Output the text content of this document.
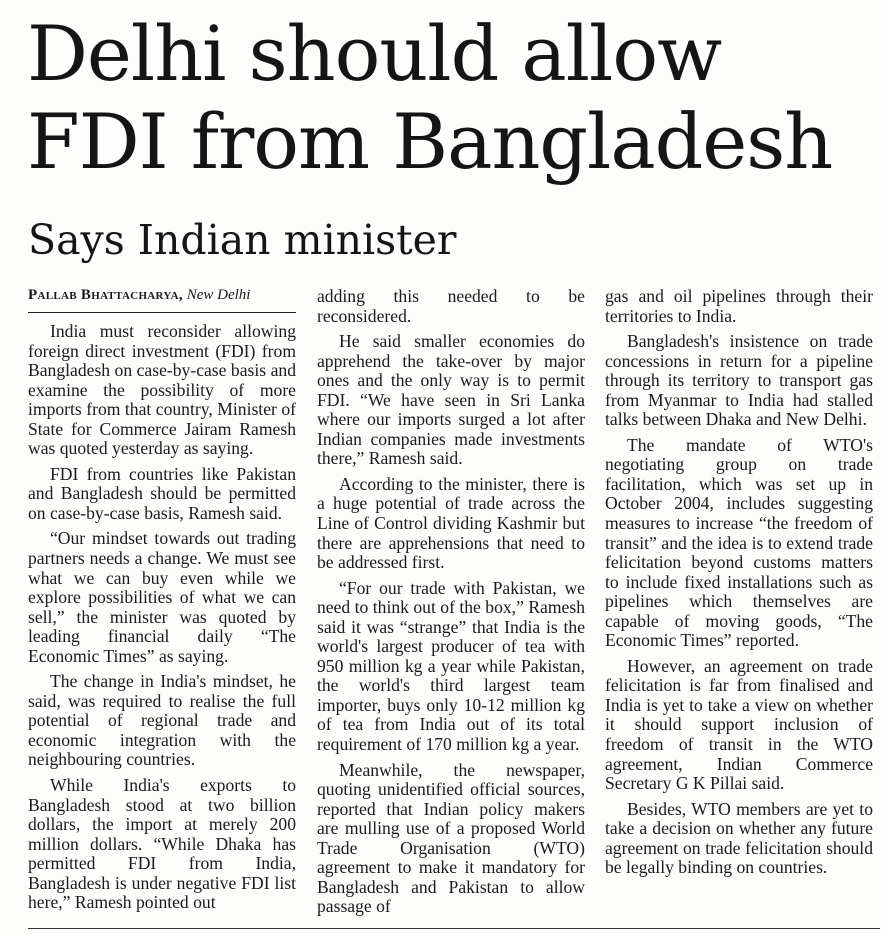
Delhi should allow FDI from Bangladesh
Says Indian minister
Pallab Bhattacharya, New Delhi

India must reconsider allowing foreign direct investment (FDI) from Bangladesh on case-by-case basis and examine the possibility of more imports from that country, Minister of State for Commerce Jairam Ramesh was quoted yesterday as saying.

FDI from countries like Pakistan and Bangladesh should be permitted on case-by-case basis, Ramesh said.

“Our mindset towards out trading partners needs a change. We must see what we can buy even while we explore possibilities of what we can sell,” the minister was quoted by leading financial daily “The Economic Times” as saying.

The change in India's mindset, he said, was required to realise the full potential of regional trade and economic integration with the neighbouring countries.

While India's exports to Bangladesh stood at two billion dollars, the import at merely 200 million dollars. “While Dhaka has permitted FDI from India, Bangladesh is under negative FDI list here,” Ramesh pointed out

adding this needed to be reconsidered.

He said smaller economies do apprehend the take-over by major ones and the only way is to permit FDI. “We have seen in Sri Lanka where our imports surged a lot after Indian companies made investments there,” Ramesh said.

According to the minister, there is a huge potential of trade across the Line of Control dividing Kashmir but there are apprehensions that need to be addressed first.

“For our trade with Pakistan, we need to think out of the box,” Ramesh said it was “strange” that India is the world's largest producer of tea with 950 million kg a year while Pakistan, the world's third largest team importer, buys only 10-12 million kg of tea from India out of its total requirement of 170 million kg a year.

Meanwhile, the newspaper, quoting unidentified official sources, reported that Indian policy makers are mulling use of a proposed World Trade Organisation (WTO) agreement to make it mandatory for Bangladesh and Pakistan to allow passage of

gas and oil pipelines through their territories to India.

Bangladesh's insistence on trade concessions in return for a pipeline through its territory to transport gas from Myanmar to India had stalled talks between Dhaka and New Delhi.

The mandate of WTO's negotiating group on trade facilitation, which was set up in October 2004, includes suggesting measures to increase “the freedom of transit” and the idea is to extend trade felicitation beyond customs matters to include fixed installations such as pipelines which themselves are capable of moving goods, “The Economic Times” reported.

However, an agreement on trade felicitation is far from finalised and India is yet to take a view on whether it should support inclusion of freedom of transit in the WTO agreement, Indian Commerce Secretary G K Pillai said.

Besides, WTO members are yet to take a decision on whether any future agreement on trade felicitation should be legally binding on countries.
